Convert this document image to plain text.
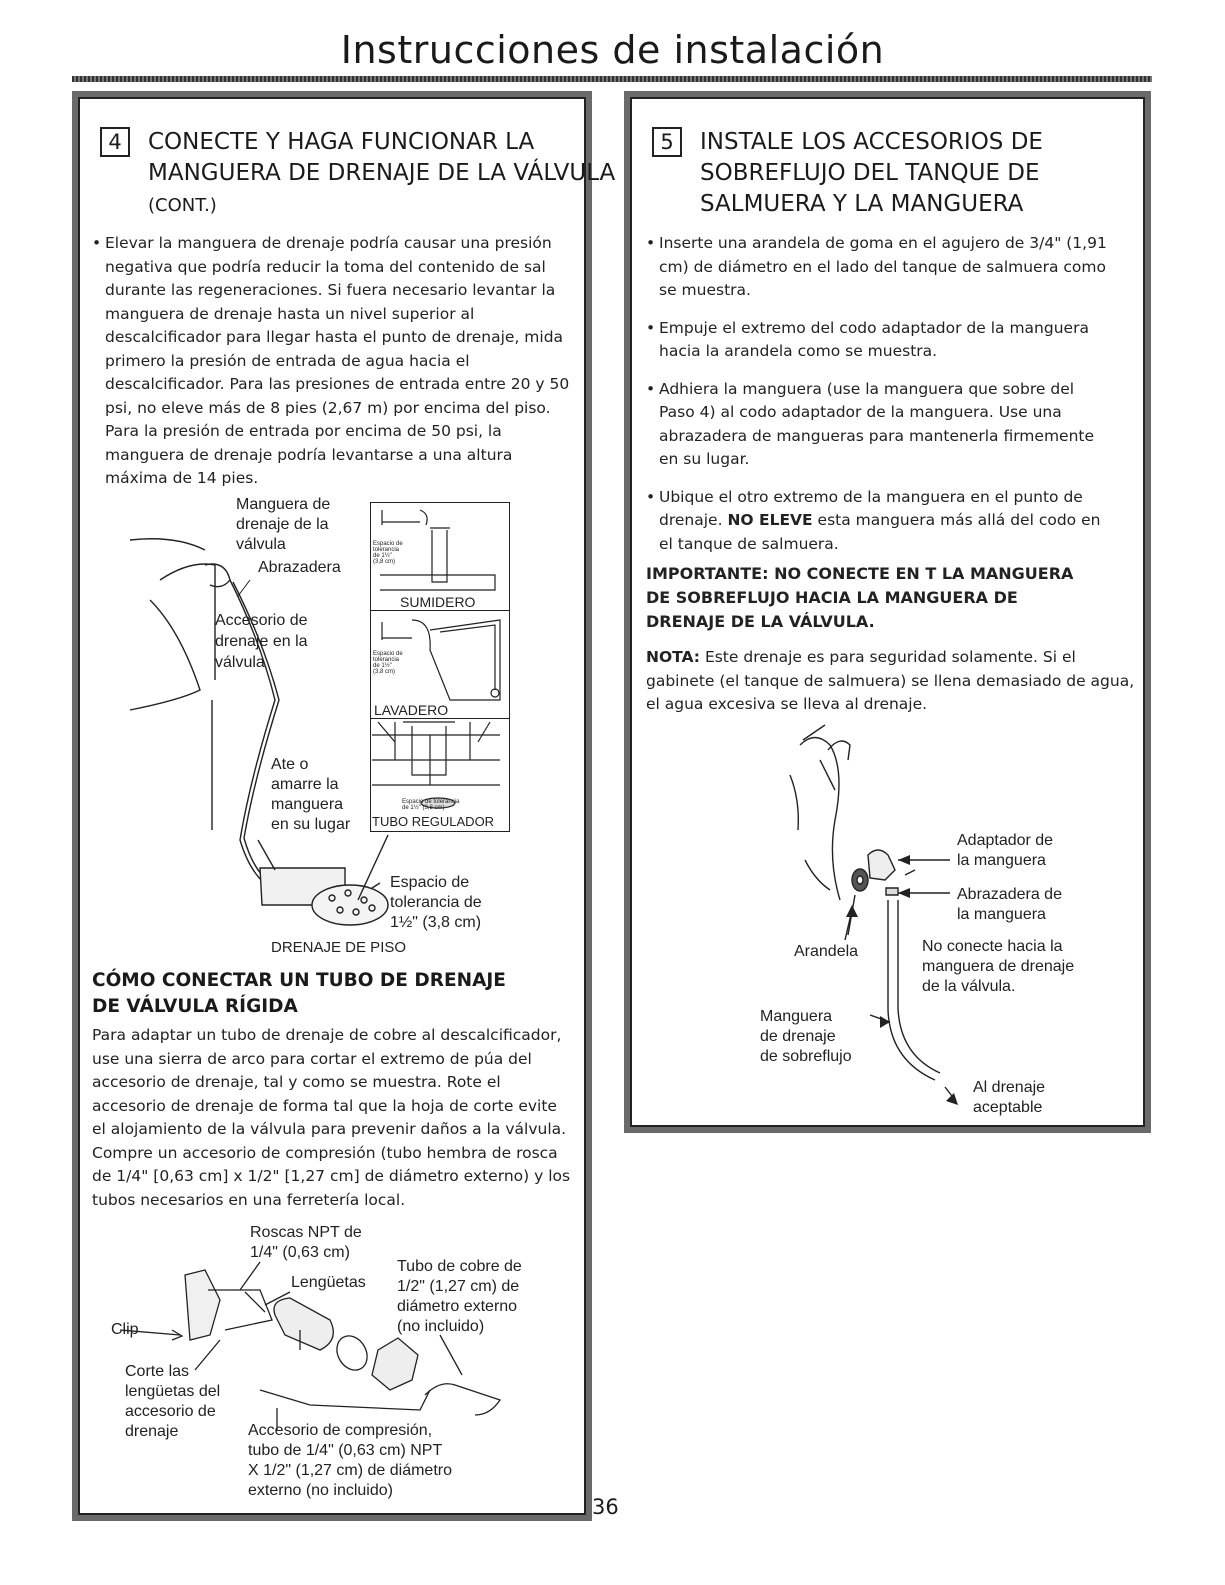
Instrucciones de instalación
4 CONECTE Y HAGA FUNCIONAR LA
MANGUERA DE DRENAJE DE LA VÁLVULA
(CONT.)
• Elevar la manguera de drenaje podría causar una presión negativa que podría reducir la toma del contenido de sal durante las regeneraciones. Si fuera necesario levantar la manguera de drenaje hasta un nivel superior al descalcificador para llegar hasta el punto de drenaje, mida primero la presión de entrada de agua hacia el descalcificador. Para las presiones de entrada entre 20 y 50 psi, no eleve más de 8 pies (2,67 m) por encima del piso. Para la presión de entrada por encima de 50 psi, la manguera de drenaje podría levantarse a una altura máxima de 14 pies.
Manguera de
drenaje de la
válvula
Abrazadera
Accesorio de
drenaje en la
válvula
Ate o
amarre la
manguera
en su lugar
Espacio de
tolerancia de
1½" (3,8 cm)
DRENAJE DE PISO
SUMIDERO
LAVADERO
TUBO REGULADOR
Espacio de
tolerancia
de 1½"
(3,8 cm)
Espacio de
tolerancia
de 1½"
(3,8 cm)
Espacio de tolerancia
de 1½" (3,8 cm)
CÓMO CONECTAR UN TUBO DE DRENAJE
DE VÁLVULA RÍGIDA
Para adaptar un tubo de drenaje de cobre al descalcificador, use una sierra de arco para cortar el extremo de púa del accesorio de drenaje, tal y como se muestra. Rote el accesorio de drenaje de forma tal que la hoja de corte evite el alojamiento de la válvula para prevenir daños a la válvula. Compre un accesorio de compresión (tubo hembra de rosca de 1/4" [0,63 cm] x 1/2" [1,27 cm] de diámetro externo) y los tubos necesarios en una ferretería local.
Roscas NPT de
1/4" (0,63 cm)
Lengüetas
Tubo de cobre de
1/2" (1,27 cm) de
diámetro externo
(no incluido)
Clip
Corte las
lengüetas del
accesorio de
drenaje	Accesorio de compresión,
tubo de 1/4" (0,63 cm) NPT
X 1/2" (1,27 cm) de diámetro
externo (no incluido)
36
5 INSTALE LOS ACCESORIOS DE
SOBREFLUJO DEL TANQUE DE
SALMUERA Y LA MANGUERA
• Inserte una arandela de goma en el agujero de 3/4" (1,91 cm) de diámetro en el lado del tanque de salmuera como se muestra.
• Empuje el extremo del codo adaptador de la manguera hacia la arandela como se muestra.
• Adhiera la manguera (use la manguera que sobre del Paso 4) al codo adaptador de la manguera. Use una abrazadera de mangueras para mantenerla firmemente en su lugar.
• Ubique el otro extremo de la manguera en el punto de drenaje. NO ELEVE esta manguera más allá del codo en el tanque de salmuera.
IMPORTANTE: NO CONECTE EN T LA MANGUERA DE SOBREFLUJO HACIA LA MANGUERA DE DRENAJE DE LA VÁLVULA.
NOTA: Este drenaje es para seguridad solamente. Si el gabinete (el tanque de salmuera) se llena demasiado de agua, el agua excesiva se lleva al drenaje.
Adaptador de
la manguera
Abrazadera de
la manguera
Arandela	No conecte hacia la
manguera de drenaje
de la válvula.
Manguera
de drenaje
de sobreflujo
Al drenaje
aceptable
